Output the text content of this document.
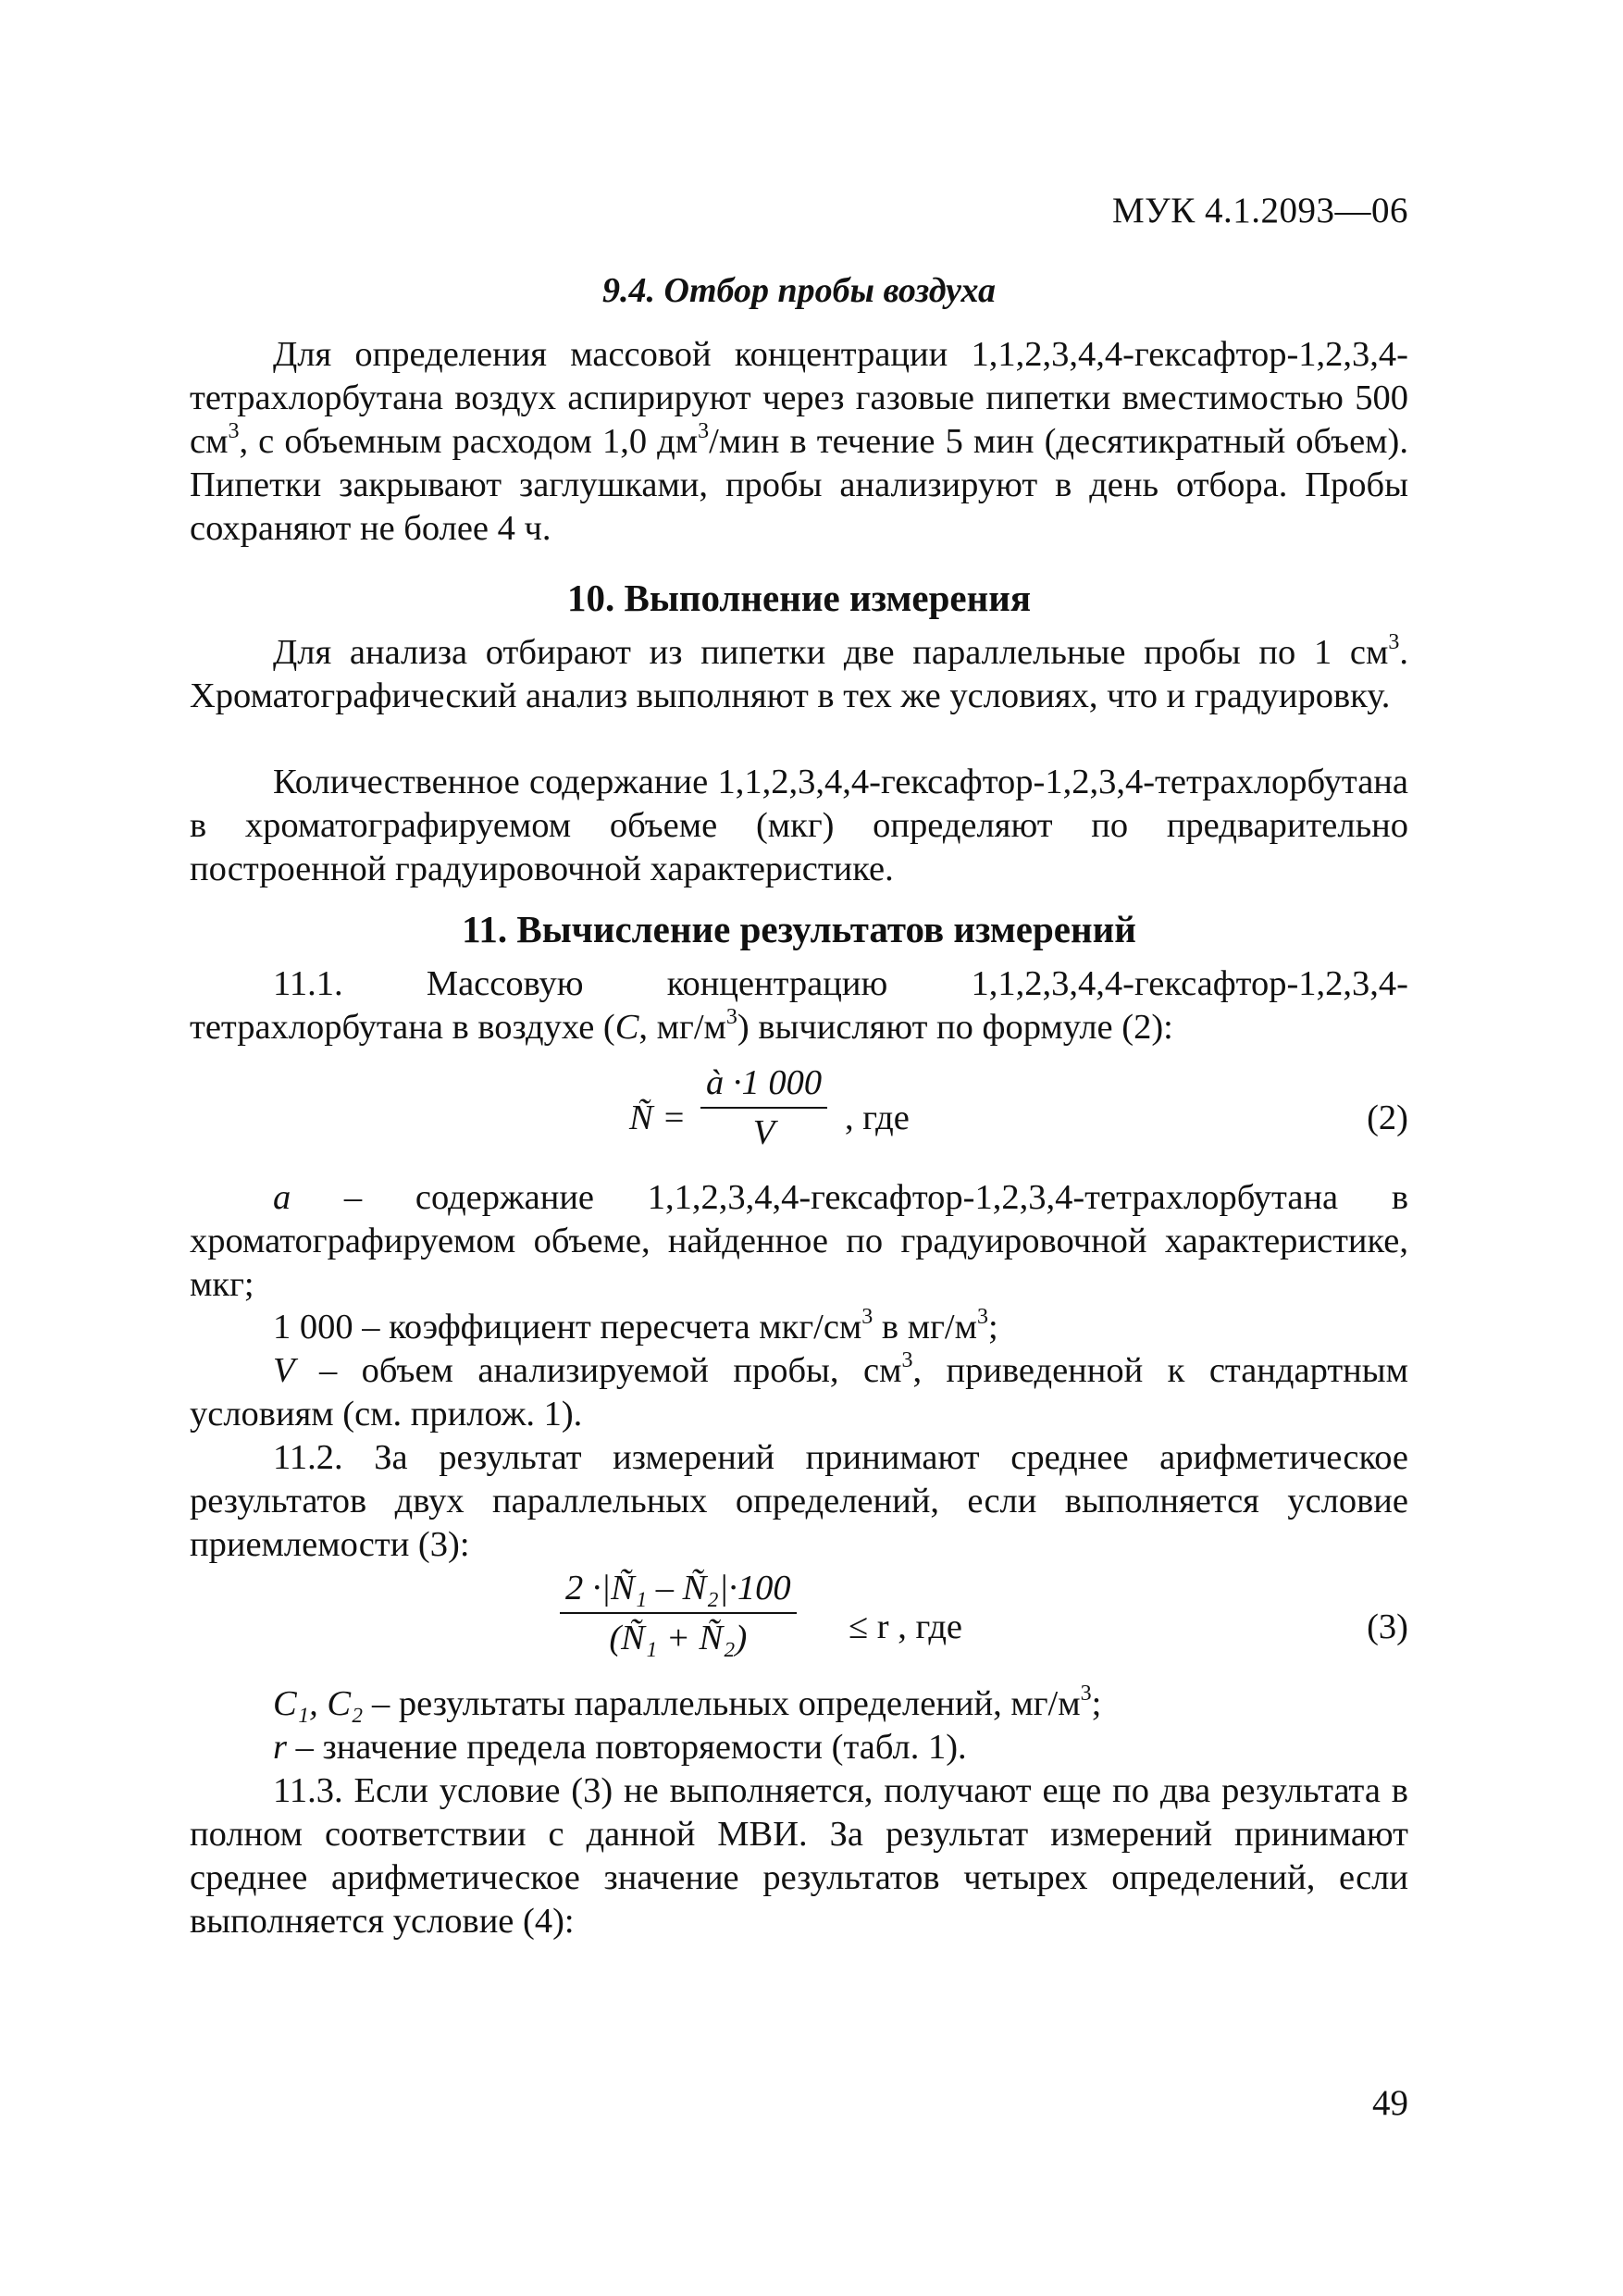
МУК 4.1.2093—06
9.4. Отбор пробы воздуха
Для определения массовой концентрации 1,1,2,3,4,4-гексафтор-1,2,3,4-тетрахлорбутана воздух аспирируют через газовые пипетки вместимостью 500 $см^3$, с объемным расходом 1,0 $дм^3$/мин в течение 5 мин (десятикратный объем). Пипетки закрывают заглушками, пробы анализируют в день отбора. Пробы сохраняют не более 4 ч.
10. Выполнение измерения
Для анализа отбирают из пипетки две параллельные пробы по 1 $см^3$. Хроматографический анализ выполняют в тех же условиях, что и градуировку.
Количественное содержание 1,1,2,3,4,4-гексафтор-1,2,3,4-тетрахлорбутана в хроматографируемом объеме (мкг) определяют по предварительно построенной градуировочной характеристике.
11. Вычисление результатов измерений
11.1. Массовую концентрацию 1,1,2,3,4,4-гексафтор-1,2,3,4-тетрахлорбутана в воздухе (С, $мг/м^3$) вычисляют по формуле (2):
Ñ =
à ·1 000
V	, где	(2)
а – содержание 1,1,2,3,4,4-гексафтор-1,2,3,4-тетрахлорбутана в хроматографируемом объеме, найденное по градуировочной характеристике, мкг;
1 000 – коэффициент пересчета мкг/$см^3$ в $мг/м^3$;
V – объем анализируемой пробы, $см^3$, приведенной к стандартным условиям (см. прилож. 1).
11.2. За результат измерений принимают среднее арифметическое результатов двух параллельных определений, если выполняется условие приемлемости (3):
2 ·|Ñ₁ – Ñ₂|·100
(Ñ₁ + Ñ₂)	≤ r , где	(3)
C₁, C₂ – результаты параллельных определений, $мг/м^3$;
r – значение предела повторяемости (табл. 1).
11.3. Если условие (3) не выполняется, получают еще по два результата в полном соответствии с данной МВИ. За результат измерений принимают среднее арифметическое значение результатов четырех определений, если выполняется условие (4):
49
